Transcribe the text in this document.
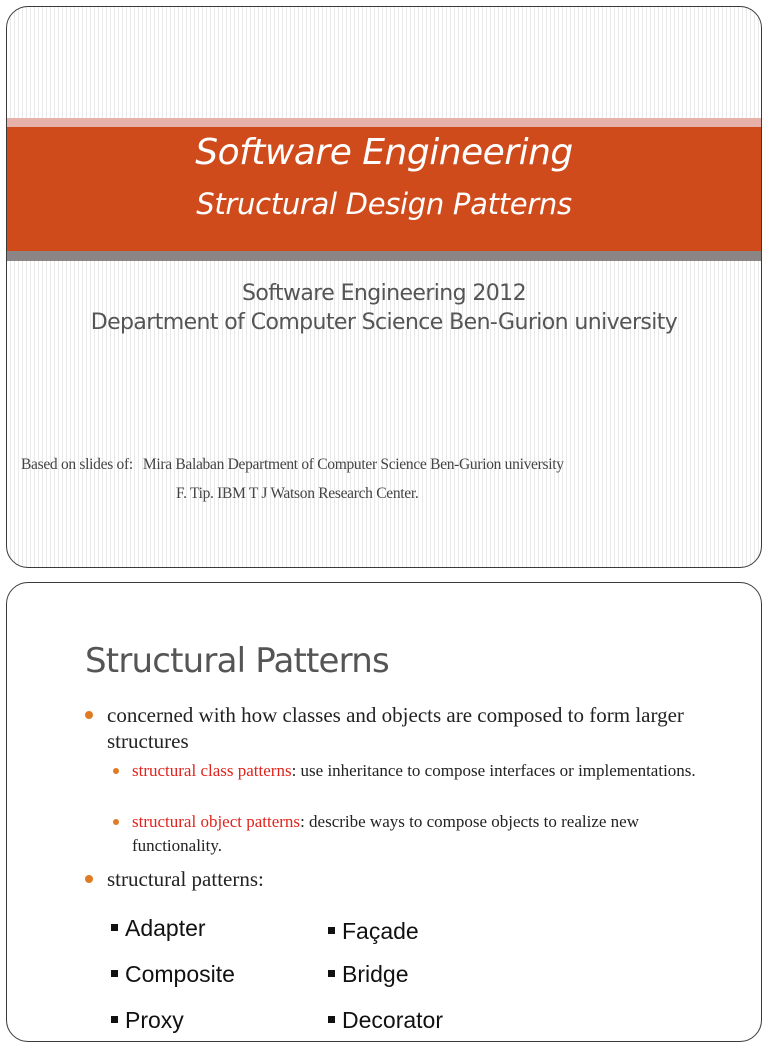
Software Engineering
Structural Design Patterns
Software Engineering 2012
Department of Computer Science Ben-Gurion university
Based on slides of: Mira Balaban Department of Computer Science Ben-Gurion university
F. Tip. IBM T J Watson Research Center.
Structural Patterns
concerned with how classes and objects are composed to form larger structures
structural class patterns: use inheritance to compose interfaces or implementations.
structural object patterns: describe ways to compose objects to realize new functionality.
structural patterns:
Adapter
Composite
Proxy
Façade
Bridge
Decorator
